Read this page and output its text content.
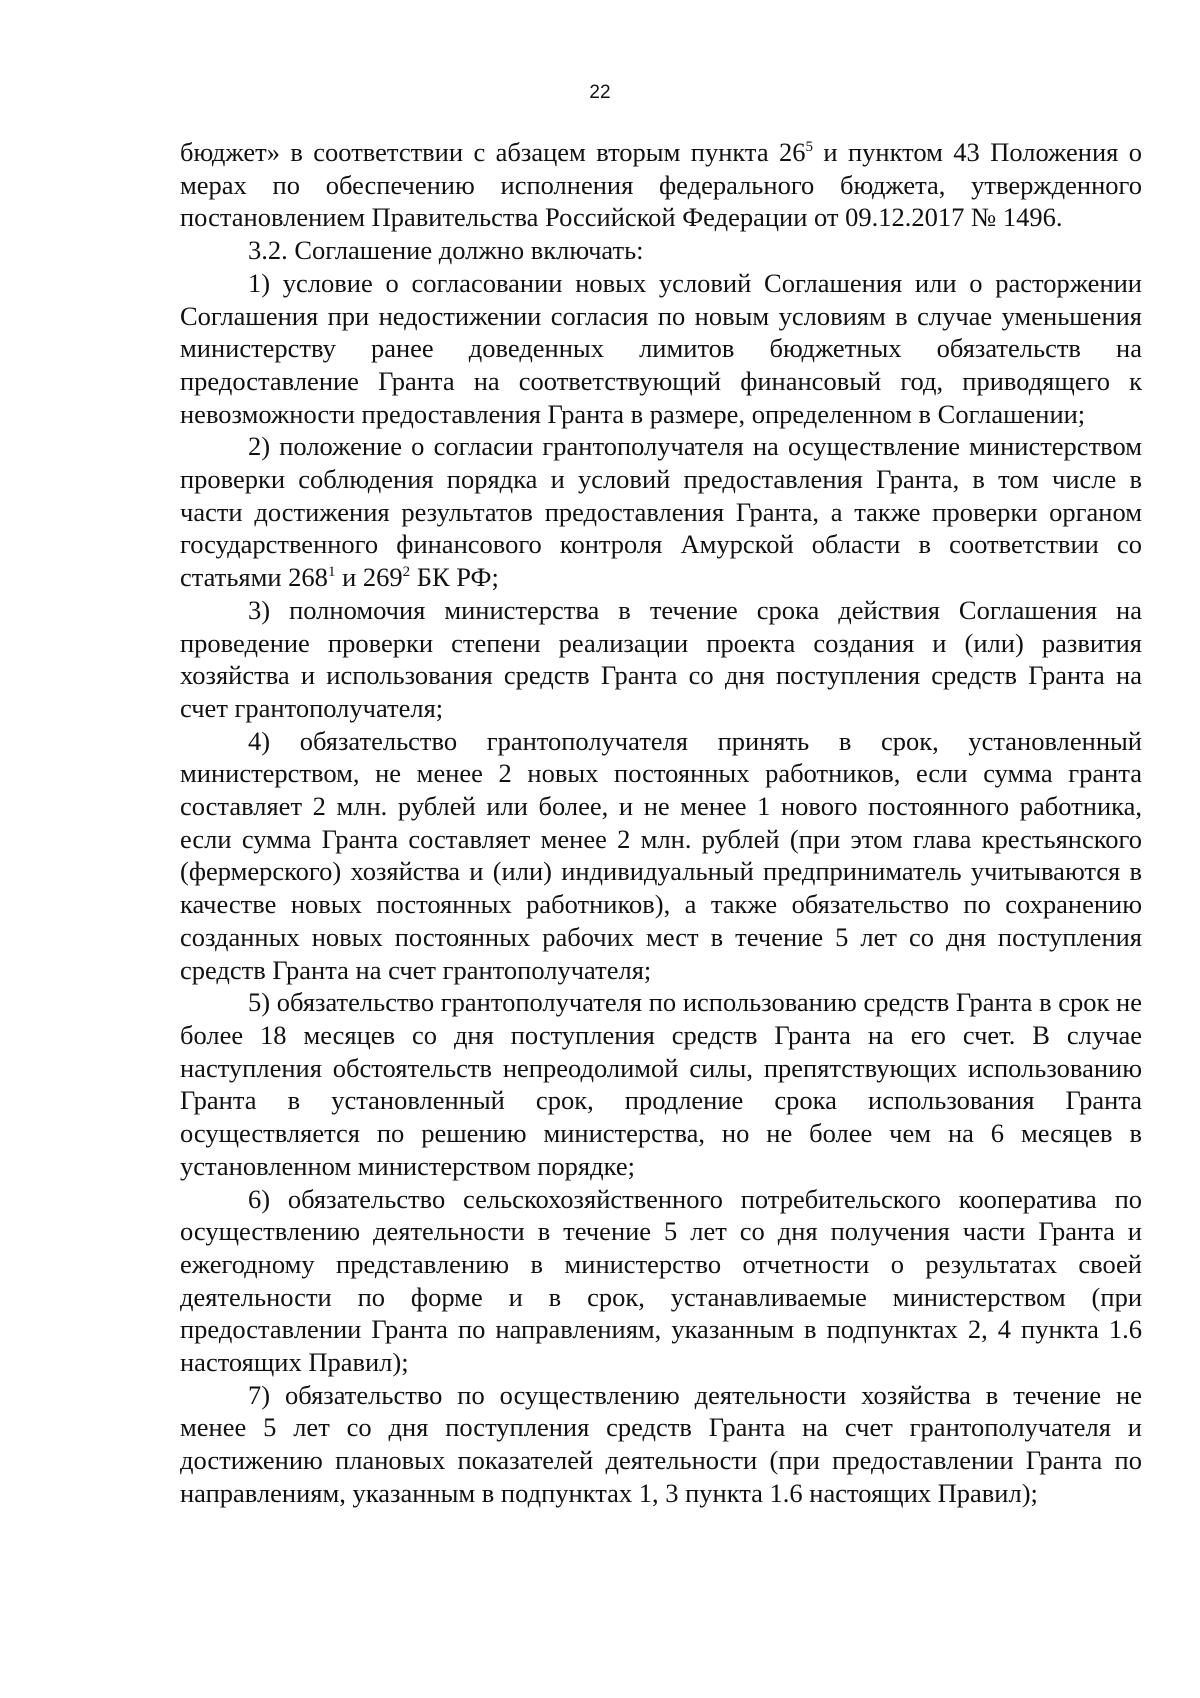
22

бюджет» в соответствии с абзацем вторым пункта $26^5$ и пунктом 43 Положения о мерах по обеспечению исполнения федерального бюджета, утвержденного постановлением Правительства Российской Федерации от 09.12.2017 № 1496.

3.2. Соглашение должно включать:

1) условие о согласовании новых условий Соглашения или о расторжении Соглашения при недостижении согласия по новым условиям в случае уменьшения министерству ранее доведенных лимитов бюджетных обязательств на предоставление Гранта на соответствующий финансовый год, приводящего к невозможности предоставления Гранта в размере, определенном в Соглашении;

2) положение о согласии грантополучателя на осуществление министерством проверки соблюдения порядка и условий предоставления Гранта, в том числе в части достижения результатов предоставления Гранта, а также проверки органом государственного финансового контроля Амурской области в соответствии со статьями $268^1$ и $269^2$ БК РФ;

3) полномочия министерства в течение срока действия Соглашения на проведение проверки степени реализации проекта создания и (или) развития хозяйства и использования средств Гранта со дня поступления средств Гранта на счет грантополучателя;

4) обязательство грантополучателя принять в срок, установленный министерством, не менее 2 новых постоянных работников, если сумма гранта составляет 2 млн. рублей или более, и не менее 1 нового постоянного работника, если сумма Гранта составляет менее 2 млн. рублей (при этом глава крестьянского (фермерского) хозяйства и (или) индивидуальный предприниматель учитываются в качестве новых постоянных работников), а также обязательство по сохранению созданных новых постоянных рабочих мест в течение 5 лет со дня поступления средств Гранта на счет грантополучателя;

5) обязательство грантополучателя по использованию средств Гранта в срок не более 18 месяцев со дня поступления средств Гранта на его счет. В случае наступления обстоятельств непреодолимой силы, препятствующих использованию Гранта в установленный срок, продление срока использования Гранта осуществляется по решению министерства, но не более чем на 6 месяцев в установленном министерством порядке;

6) обязательство сельскохозяйственного потребительского кооператива по осуществлению деятельности в течение 5 лет со дня получения части Гранта и ежегодному представлению в министерство отчетности о результатах своей деятельности по форме и в срок, устанавливаемые министерством (при предоставлении Гранта по направлениям, указанным в подпунктах 2, 4 пункта 1.6 настоящих Правил);

7) обязательство по осуществлению деятельности хозяйства в течение не менее 5 лет со дня поступления средств Гранта на счет грантополучателя и достижению плановых показателей деятельности (при предоставлении Гранта по направлениям, указанным в подпунктах 1, 3 пункта 1.6 настоящих Правил);
